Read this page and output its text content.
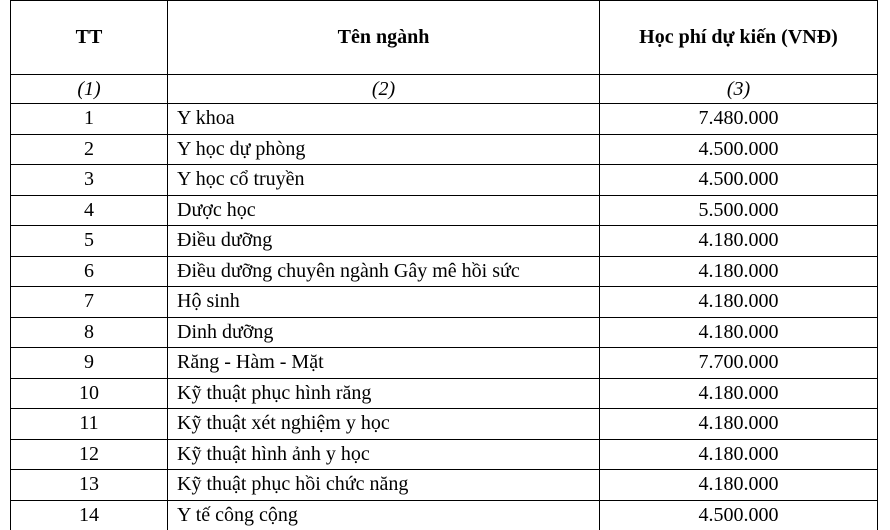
TT	Tên ngành	Học phí dự kiến (VNĐ)
(1)	(2)	(3)
1	Y khoa	7.480.000
2	Y học dự phòng	4.500.000
3	Y học cổ truyền	4.500.000
4	Dược học	5.500.000
5	Điều dưỡng	4.180.000
6	Điều dưỡng chuyên ngành Gây mê hồi sức	4.180.000
7	Hộ sinh	4.180.000
8	Dinh dưỡng	4.180.000
9	Răng - Hàm - Mặt	7.700.000
10	Kỹ thuật phục hình răng	4.180.000
11	Kỹ thuật xét nghiệm y học	4.180.000
12	Kỹ thuật hình ảnh y học	4.180.000
13	Kỹ thuật phục hồi chức năng	4.180.000
14	Y tế công cộng	4.500.000
